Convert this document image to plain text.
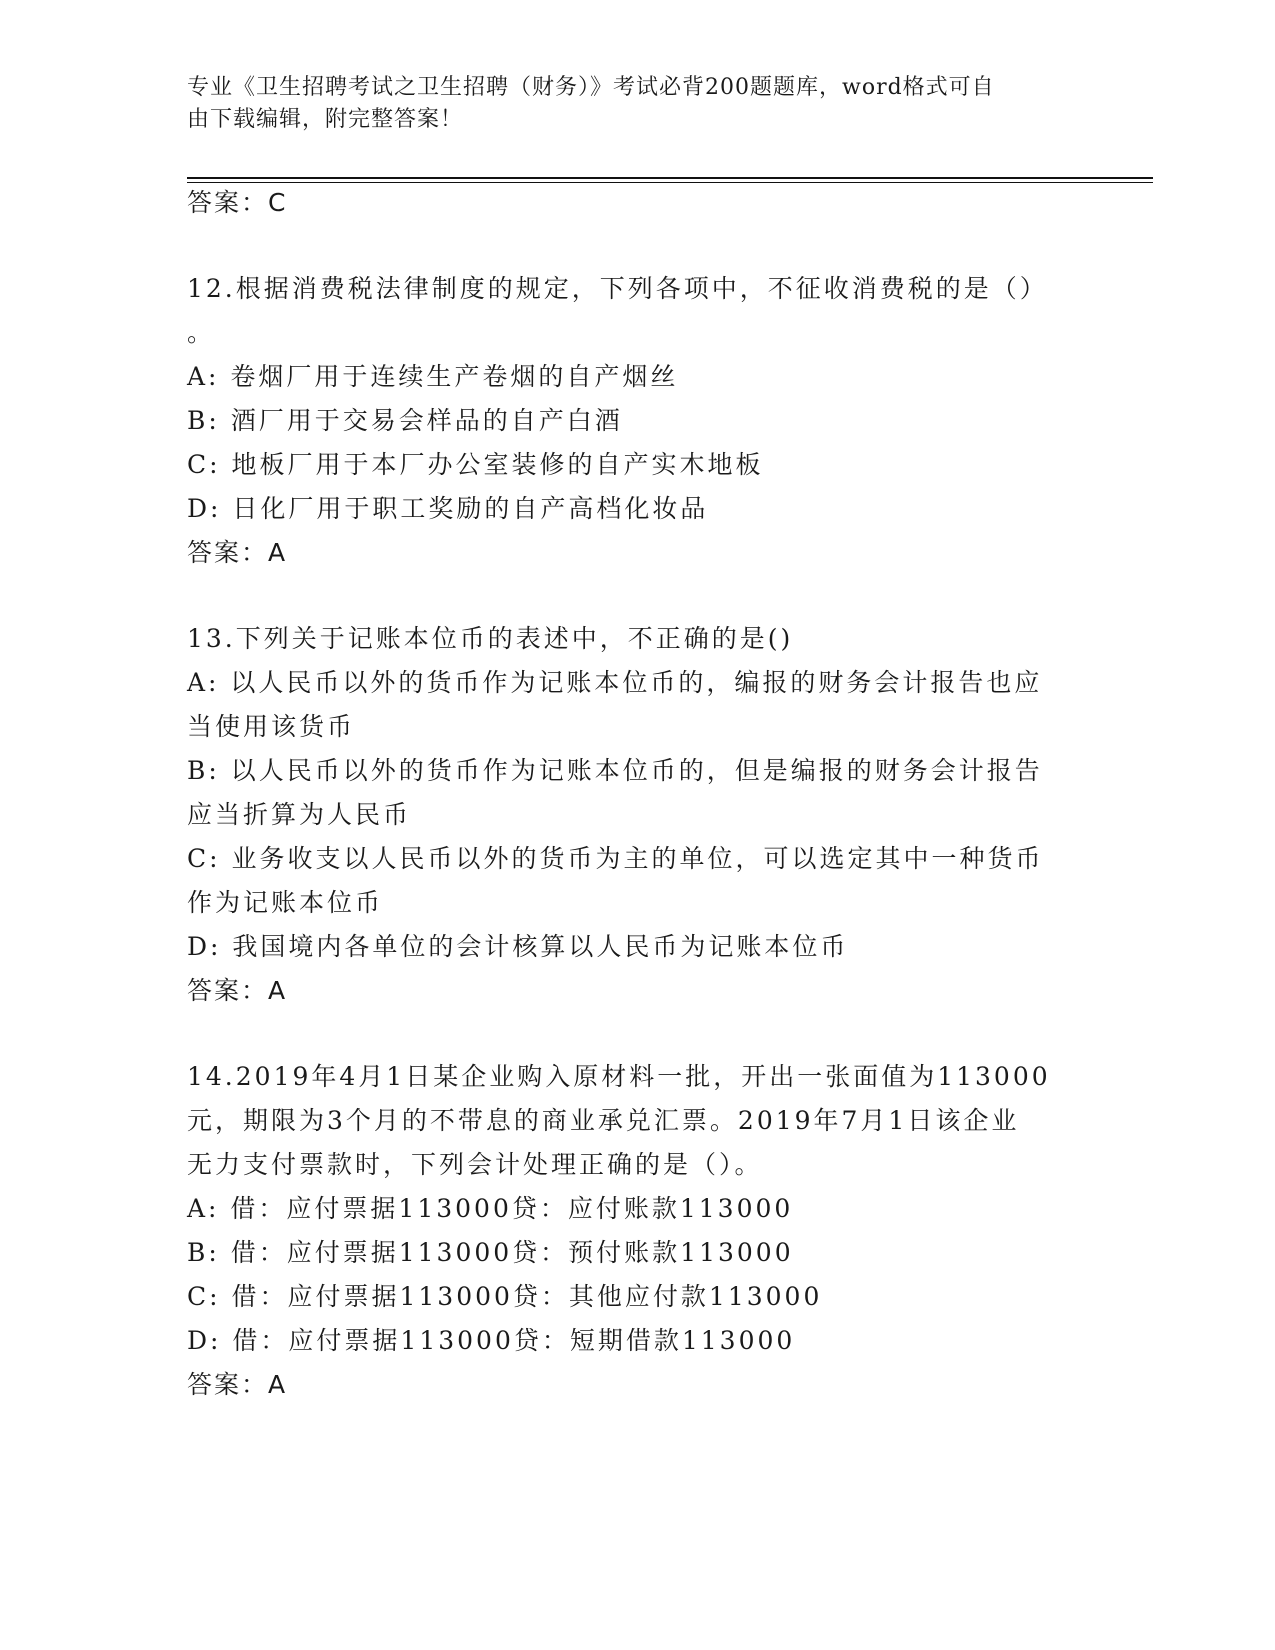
专业《卫生招聘考试之卫生招聘（财务）》考试必背200题题库，word格式可自
由下载编辑，附完整答案！
答案：C
12.根据消费税法律制度的规定，下列各项中，不征收消费税的是（）
。
A: 卷烟厂用于连续生产卷烟的自产烟丝
B: 酒厂用于交易会样品的自产白酒
C: 地板厂用于本厂办公室装修的自产实木地板
D: 日化厂用于职工奖励的自产高档化妆品
答案：A
13.下列关于记账本位币的表述中，不正确的是()
A: 以人民币以外的货币作为记账本位币的，编报的财务会计报告也应
当使用该货币
B: 以人民币以外的货币作为记账本位币的，但是编报的财务会计报告
应当折算为人民币
C: 业务收支以人民币以外的货币为主的单位，可以选定其中一种货币
作为记账本位币
D: 我国境内各单位的会计核算以人民币为记账本位币
答案：A
14.2019年4月1日某企业购入原材料一批，开出一张面值为113000
元，期限为3个月的不带息的商业承兑汇票。2019年7月1日该企业
无力支付票款时，下列会计处理正确的是（）。
A: 借：应付票据113000贷：应付账款113000
B: 借：应付票据113000贷：预付账款113000
C: 借：应付票据113000贷：其他应付款113000
D: 借：应付票据113000贷：短期借款113000
答案：A
